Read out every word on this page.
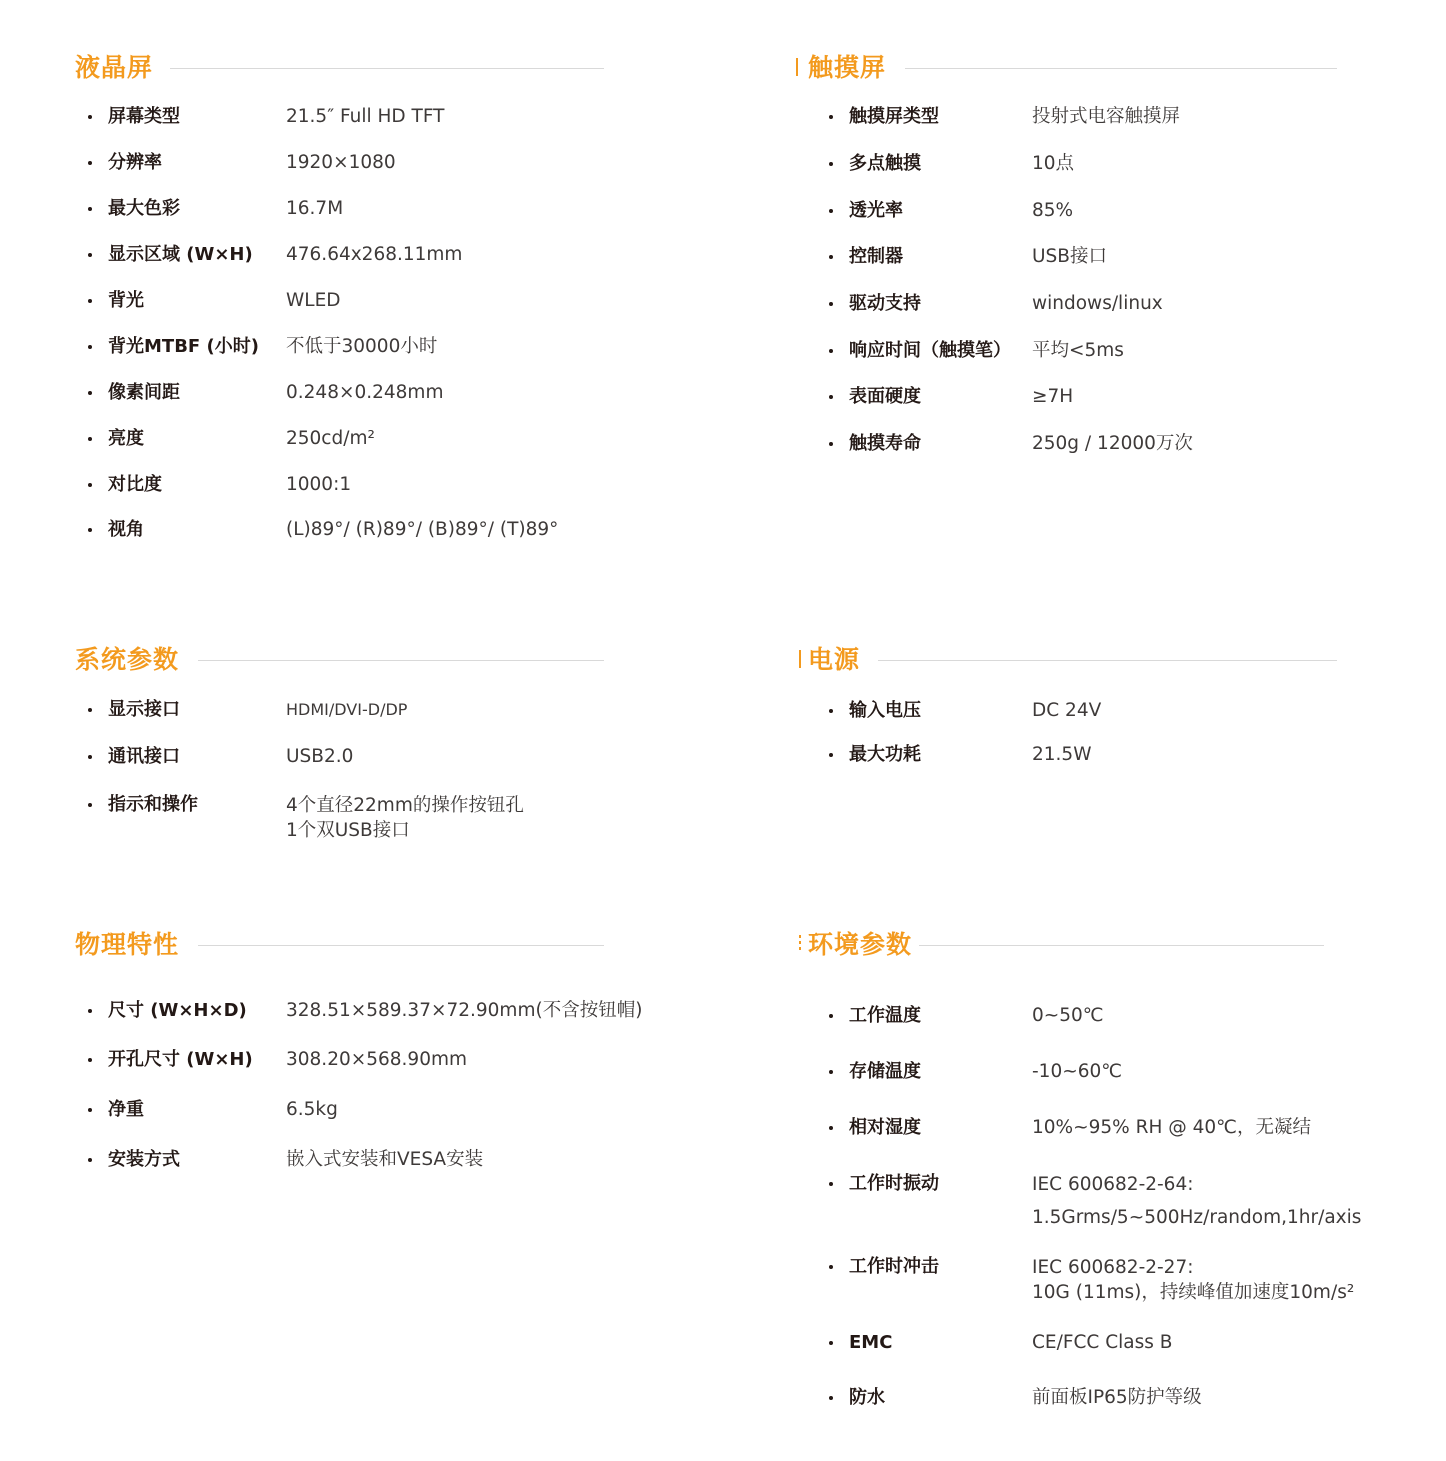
液晶屏
屏幕类型	21.5″ Full HD TFT
分辨率	1920×1080
最大色彩	16.7M
显示区域 (W×H) 476.64x268.11mm
背光	WLED
背光MTBF (小时) 不低于30000小时
像素间距	0.248×0.248mm
亮度	250cd/m²
对比度	1000:1
视角	(L)89°/ (R)89°/ (B)89°/ (T)89°
触摸屏
触摸屏类型	投射式电容触摸屏
多点触摸	10点
透光率	85%
控制器	USB接口
驱动支持	windows/linux
响应时间（触摸笔） 平均<5ms
表面硬度	≥7H
触摸寿命	250g / 12000万次
系统参数
显示接口	HDMI/DVI-D/DP
通讯接口	USB2.0
指示和操作	4个直径22mm的操作按钮孔
1个双USB接口
电源
输入电压	DC 24V
最大功耗	21.5W
物理特性
尺寸 (W×H×D) 328.51×589.37×72.90mm(不含按钮帽)
开孔尺寸 (W×H) 308.20×568.90mm
净重	6.5kg
安装方式	嵌入式安装和VESA安装
环境参数
工作温度	0~50℃
存储温度	-10~60℃
相对湿度	10%~95% RH @ 40℃，无凝结
工作时振动	IEC 600682-2-64:
1.5Grms/5~500Hz/random,1hr/axis
工作时冲击	IEC 600682-2-27:
10G (11ms)，持续峰值加速度10m/s²
EMC	CE/FCC Class B
防水	前面板IP65防护等级
